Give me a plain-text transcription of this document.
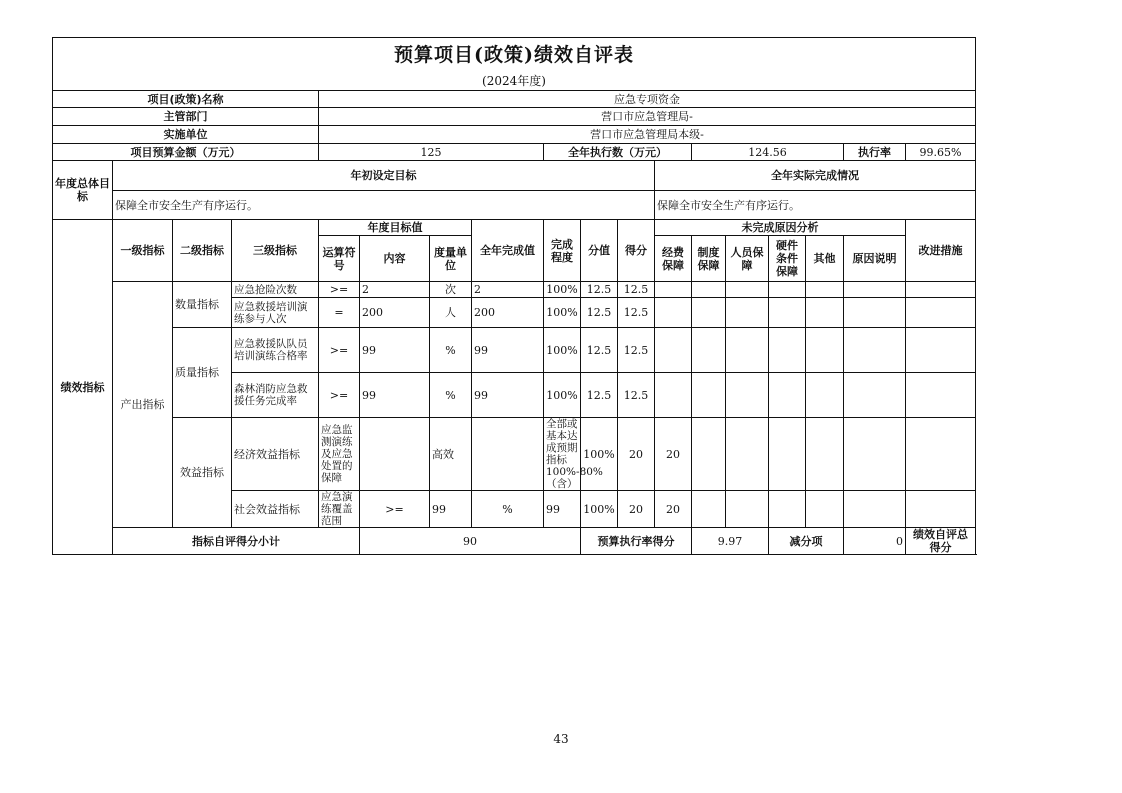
预算项目(政策)绩效自评表																		
(2024年度)																		
项目(政策)名称				应急专项资金														
主管部门				营口市应急管理局-														
实施单位				营口市应急管理局本级-														
项目预算金额（万元）				125				全年执行数（万元）				124.56				执行率	99.65%	
年度总体目标	年初设定目标										全年实际完成情况							
	保障全市安全生产有序运行。										保障全市安全生产有序运行。							
绩效指标	一级指标	二级指标	三级指标	年度目标值			全年完成值	完成程度	分值	得分	未完成原因分析						改进措施	
				运算符号	内容	度量单位					经费保障	制度保障	人员保障	硬件条件保障	其他	原因说明		
	产出指标	数量指标	应急抢险次数	>=	2	次	2	100%	12.5	12.5								
			应急救援培训演练参与人次	=	200	人	200	100%	12.5	12.5								
		质量指标	应急救援队队员培训演练合格率	>=	99	%	99	100%	12.5	12.5								
			森林消防应急救援任务完成率	>=	99	%	99	100%	12.5	12.5								
		效益指标	经济效益指标	应急监测演练及应急处置的保障		高效		全部或基本达成预期指标100%-80%（含）	100%	20	20							
			社会效益指标	应急演练覆盖范围	>=	99	%	99	100%	20	20							
	指标自评得分小计				90				预算执行率得分			9.97		减分项		0	绩效自评总得分	
43
